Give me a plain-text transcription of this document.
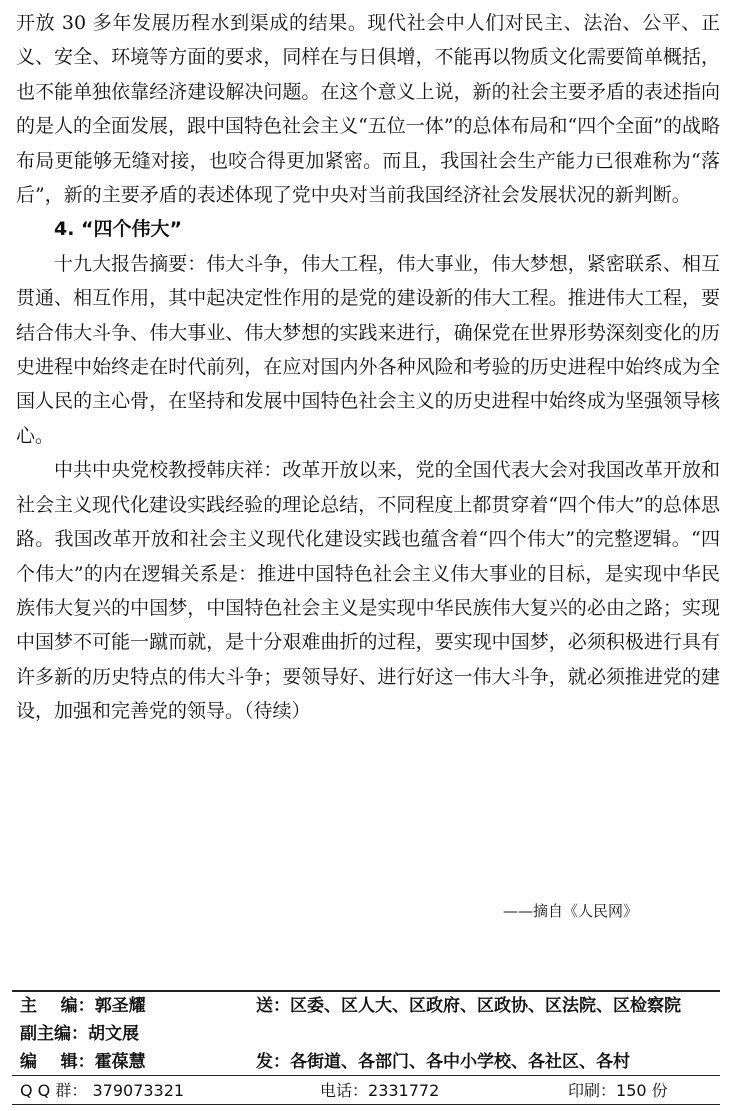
开放 30 多年发展历程水到渠成的结果。现代社会中人们对民主、法治、公平、正义、安全、环境等方面的要求，同样在与日俱增，不能再以物质文化需要简单概括，也不能单独依靠经济建设解决问题。在这个意义上说，新的社会主要矛盾的表述指向的是人的全面发展，跟中国特色社会主义“五位一体”的总体布局和“四个全面”的战略布局更能够无缝对接，也咬合得更加紧密。而且，我国社会生产能力已很难称为“落后”，新的主要矛盾的表述体现了党中央对当前我国经济社会发展状况的新判断。

4. “四个伟大”

十九大报告摘要：伟大斗争，伟大工程，伟大事业，伟大梦想，紧密联系、相互贯通、相互作用，其中起决定性作用的是党的建设新的伟大工程。推进伟大工程，要结合伟大斗争、伟大事业、伟大梦想的实践来进行，确保党在世界形势深刻变化的历史进程中始终走在时代前列，在应对国内外各种风险和考验的历史进程中始终成为全国人民的主心骨，在坚持和发展中国特色社会主义的历史进程中始终成为坚强领导核心。

中共中央党校教授韩庆祥：改革开放以来，党的全国代表大会对我国改革开放和社会主义现代化建设实践经验的理论总结，不同程度上都贯穿着“四个伟大”的总体思路。我国改革开放和社会主义现代化建设实践也蕴含着“四个伟大”的完整逻辑。“四个伟大”的内在逻辑关系是：推进中国特色社会主义伟大事业的目标，是实现中华民族伟大复兴的中国梦，中国特色社会主义是实现中华民族伟大复兴的必由之路；实现中国梦不可能一蹴而就，是十分艰难曲折的过程，要实现中国梦，必须积极进行具有许多新的历史特点的伟大斗争；要领导好、进行好这一伟大斗争，就必须推进党的建设，加强和完善党的领导。（待续）

——摘自《人民网》
主    编：郭圣耀	送：区委、区人大、区政府、区政协、区法院、区检察院
副主编：胡文展
编    辑：霍葆慧	发：各街道、各部门、各中小学校、各社区、各村
Q Q 群： 379073321	电话：2331772	印刷：150 份
